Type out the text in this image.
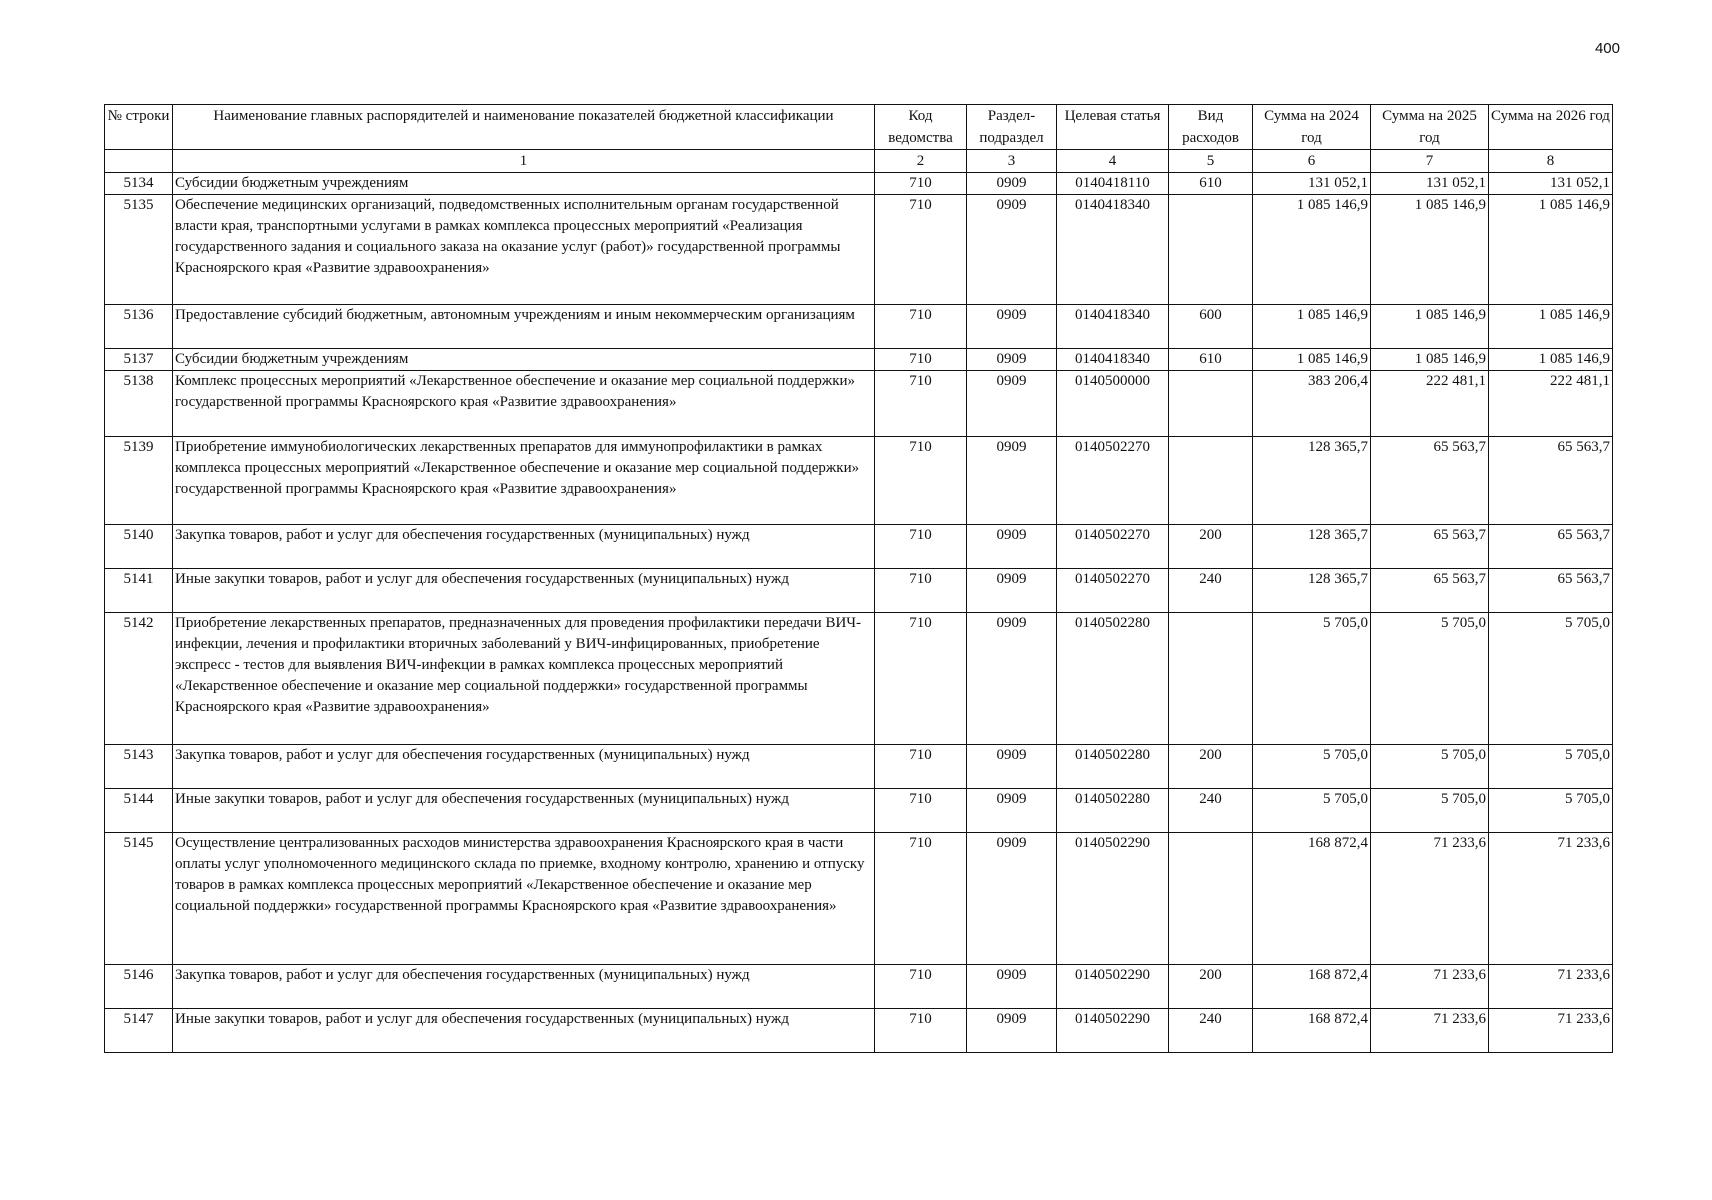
400
№ строки	Наименование главных распорядителей и наименование показателей бюджетной классификации	Код ведомства	Раздел-подраздел	Целевая статья	Вид расходов	Сумма на 2024 год	Сумма на 2025 год	Сумма на 2026 год
	1	2	3	4	5	6	7	8
5134	Субсидии бюджетным учреждениям	710	0909	0140418110	610	131 052,1	131 052,1	131 052,1
5135	Обеспечение медицинских организаций, подведомственных исполнительным органам государственной власти края, транспортными услугами в рамках комплекса процессных мероприятий «Реализация государственного задания и социального заказа на оказание услуг (работ)» государственной программы Красноярского края «Развитие здравоохранения»	710	0909	0140418340		1 085 146,9	1 085 146,9	1 085 146,9
5136	Предоставление субсидий бюджетным, автономным учреждениям и иным некоммерческим организациям	710	0909	0140418340	600	1 085 146,9	1 085 146,9	1 085 146,9
5137	Субсидии бюджетным учреждениям	710	0909	0140418340	610	1 085 146,9	1 085 146,9	1 085 146,9
5138	Комплекс процессных мероприятий «Лекарственное обеспечение и оказание мер социальной поддержки» государственной программы Красноярского края «Развитие здравоохранения»	710	0909	0140500000		383 206,4	222 481,1	222 481,1
5139	Приобретение иммунобиологических лекарственных препаратов для иммунопрофилактики в рамках комплекса процессных мероприятий «Лекарственное обеспечение и оказание мер социальной поддержки» государственной программы Красноярского края «Развитие здравоохранения»	710	0909	0140502270		128 365,7	65 563,7	65 563,7
5140	Закупка товаров, работ и услуг для обеспечения государственных (муниципальных) нужд	710	0909	0140502270	200	128 365,7	65 563,7	65 563,7
5141	Иные закупки товаров, работ и услуг для обеспечения государственных (муниципальных) нужд	710	0909	0140502270	240	128 365,7	65 563,7	65 563,7
5142	Приобретение лекарственных препаратов, предназначенных для проведения профилактики передачи ВИЧ-инфекции, лечения и профилактики вторичных заболеваний у ВИЧ-инфицированных, приобретение экспресс - тестов для выявления ВИЧ-инфекции в рамках комплекса процессных мероприятий «Лекарственное обеспечение и оказание мер социальной поддержки» государственной программы Красноярского края «Развитие здравоохранения»	710	0909	0140502280		5 705,0	5 705,0	5 705,0
5143	Закупка товаров, работ и услуг для обеспечения государственных (муниципальных) нужд	710	0909	0140502280	200	5 705,0	5 705,0	5 705,0
5144	Иные закупки товаров, работ и услуг для обеспечения государственных (муниципальных) нужд	710	0909	0140502280	240	5 705,0	5 705,0	5 705,0
5145	Осуществление централизованных расходов министерства здравоохранения Красноярского края в части оплаты услуг уполномоченного медицинского склада по приемке, входному контролю, хранению и отпуску товаров в рамках комплекса процессных мероприятий «Лекарственное обеспечение и оказание мер социальной поддержки» государственной программы Красноярского края «Развитие здравоохранения»	710	0909	0140502290		168 872,4	71 233,6	71 233,6
5146	Закупка товаров, работ и услуг для обеспечения государственных (муниципальных) нужд	710	0909	0140502290	200	168 872,4	71 233,6	71 233,6
5147	Иные закупки товаров, работ и услуг для обеспечения государственных (муниципальных) нужд	710	0909	0140502290	240	168 872,4	71 233,6	71 233,6
